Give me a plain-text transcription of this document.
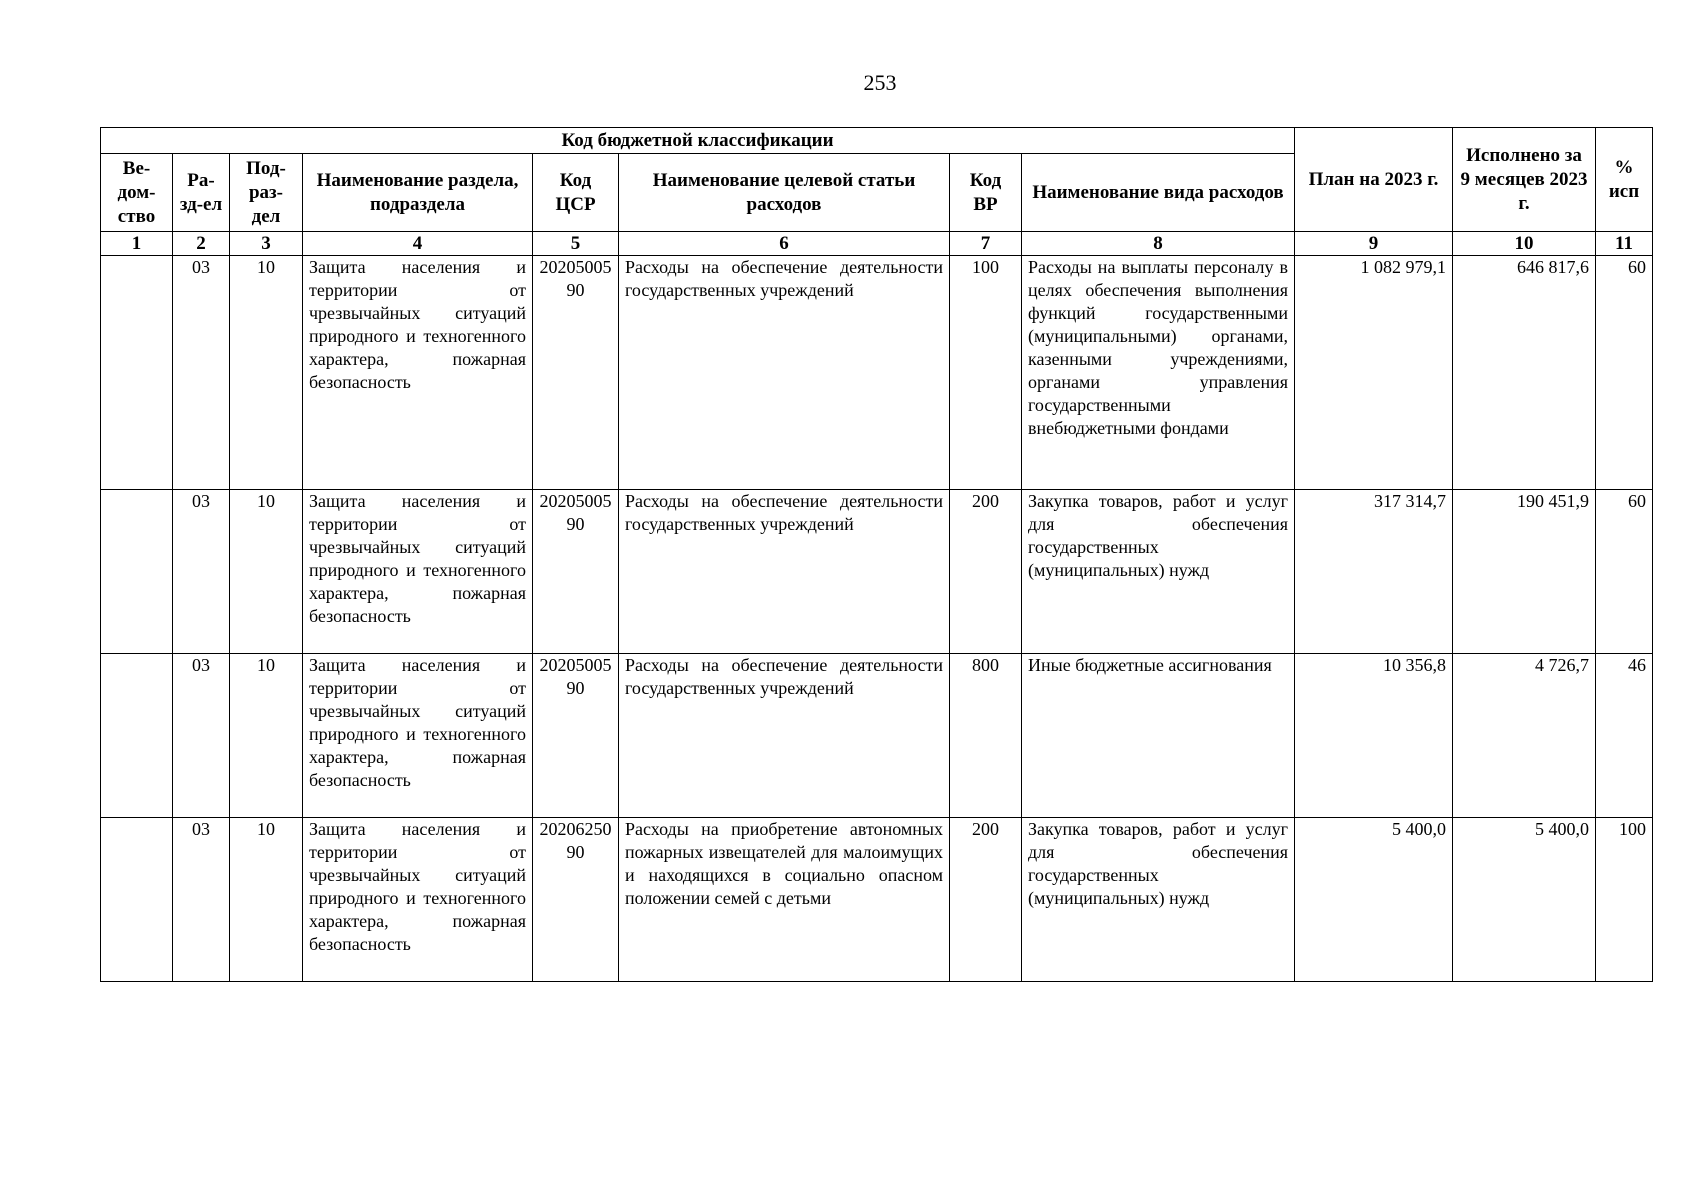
253
Код бюджетной классификации								План на 2023 г.	Исполнено за 9 месяцев 2023 г.	% исп
Ве-дом-ство	Ра-зд-ел	Под-раз-дел	Наименование раздела, подраздела	Код ЦСР	Наименование целевой статьи расходов	Код ВР	Наименование вида расходов			
1	2	3	4	5	6	7	8	9	10	11
	03	10	Защита населения и территории от чрезвычайных ситуаций природного и техногенного характера, пожарная безопасность	2020500590	Расходы на обеспечение деятельности государственных учреждений	100	Расходы на выплаты персоналу в целях обеспечения выполнения функций государственными (муниципальными) органами, казенными учреждениями, органами управления государственными внебюджетными фондами	1 082 979,1	646 817,6	60
	03	10	Защита населения и территории от чрезвычайных ситуаций природного и техногенного характера, пожарная безопасность	2020500590	Расходы на обеспечение деятельности государственных учреждений	200	Закупка товаров, работ и услуг для обеспечения государственных (муниципальных) нужд	317 314,7	190 451,9	60
	03	10	Защита населения и территории от чрезвычайных ситуаций природного и техногенного характера, пожарная безопасность	2020500590	Расходы на обеспечение деятельности государственных учреждений	800	Иные бюджетные ассигнования	10 356,8	4 726,7	46
	03	10	Защита населения и территории от чрезвычайных ситуаций природного и техногенного характера, пожарная безопасность	2020625090	Расходы на приобретение автономных пожарных извещателей для малоимущих и находящихся в социально опасном положении семей с детьми	200	Закупка товаров, работ и услуг для обеспечения государственных (муниципальных) нужд	5 400,0	5 400,0	100
